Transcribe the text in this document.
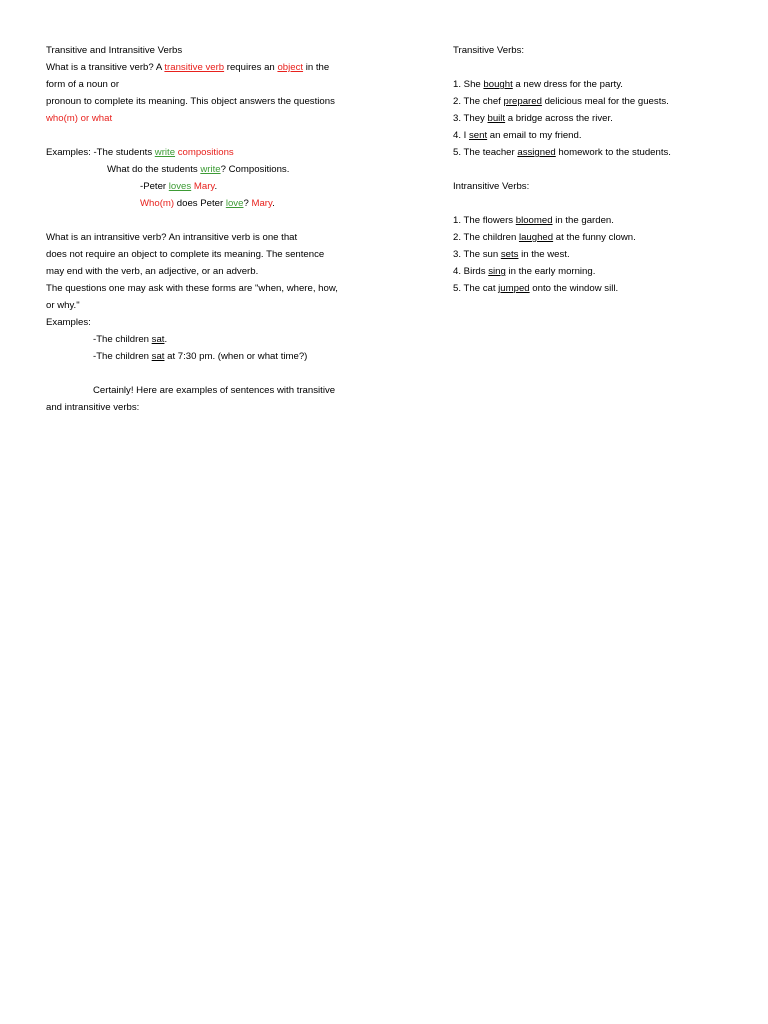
Transitive and Intransitive Verbs
What is a transitive verb? A transitive verb requires an object in the
form of a noun or
pronoun to complete its meaning. This object answers the questions
who(m) or what
Examples: -The students write compositions
What do the students write? Compositions.
-Peter loves Mary.
Who(m) does Peter love? Mary.
What is an intransitive verb? An intransitive verb is one that
does not require an object to complete its meaning. The sentence
may end with the verb, an adjective, or an adverb.
The questions one may ask with these forms are "when, where, how,
or why."
Examples:
-The children sat.
-The children sat at 7:30 pm. (when or what time?)
Certainly! Here are examples of sentences with transitive
and intransitive verbs:
Transitive Verbs:
1. She bought a new dress for the party.
2. The chef prepared delicious meal for the guests.
3. They built a bridge across the river.
4. I sent an email to my friend.
5. The teacher assigned homework to the students.
Intransitive Verbs:
1. The flowers bloomed in the garden.
2. The children laughed at the funny clown.
3. The sun sets in the west.
4. Birds sing in the early morning.
5. The cat jumped onto the window sill.
